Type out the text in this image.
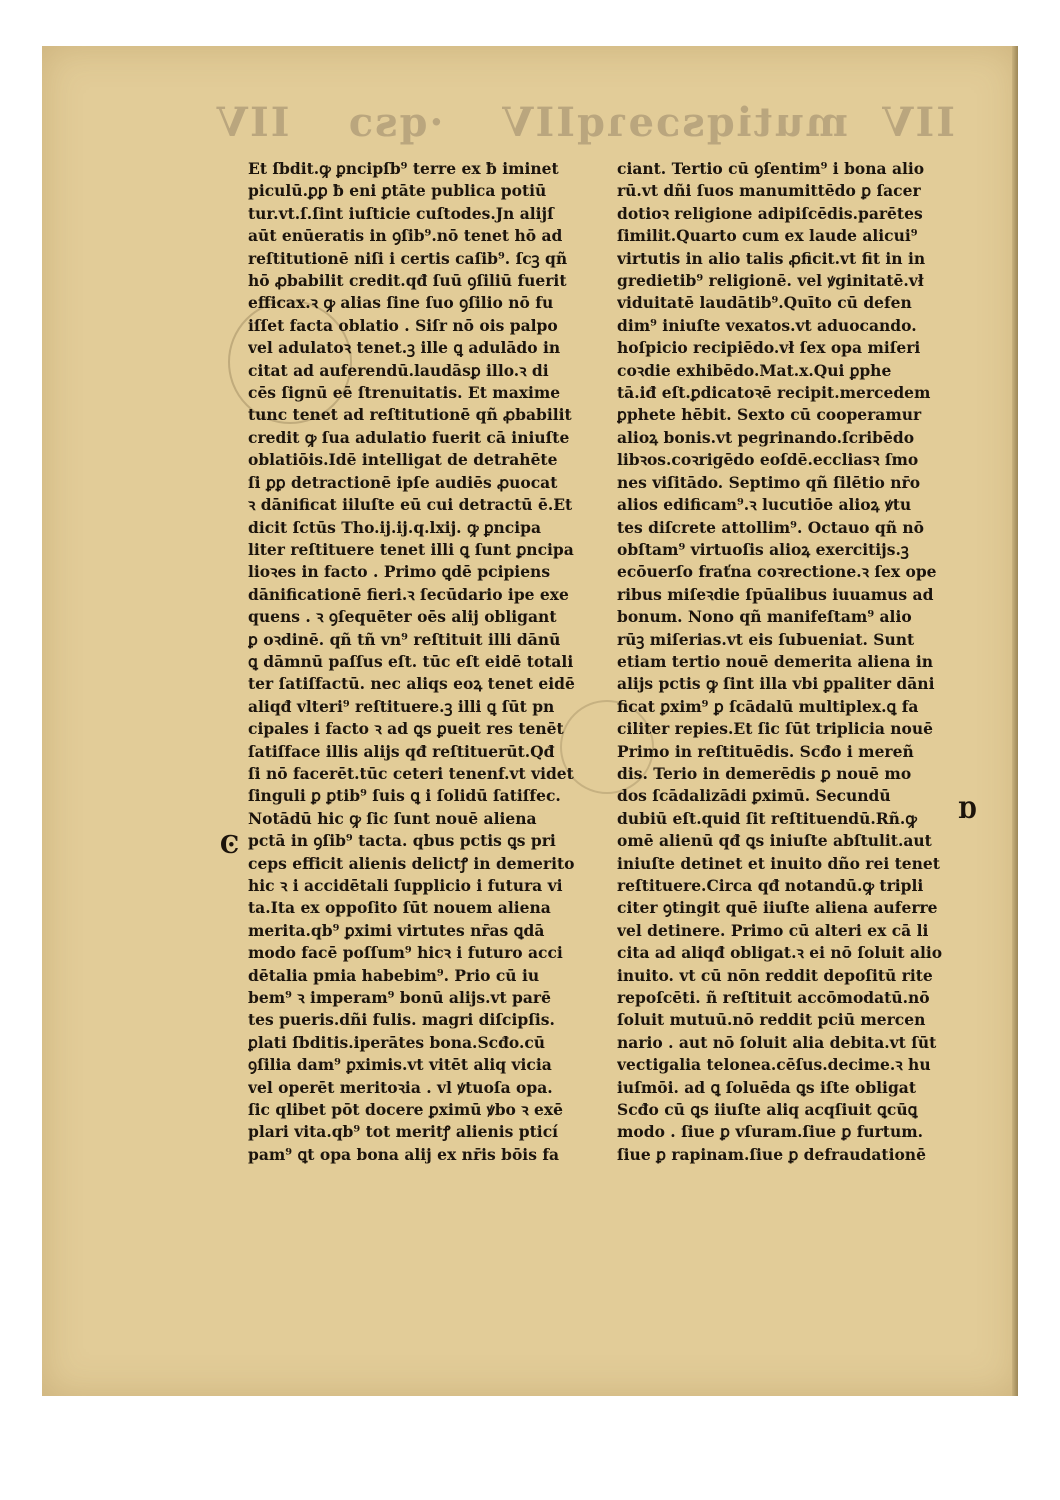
IIV
·qsↄ
IIV	IIV
mutiqsɔɘɿq
Et ſbdit.ꝙ ꝑncipſb⁹ terre ex ƀ iminet
piculū.ꝑꝑ ƀ eni ꝑtāte publica potiū
tur.vt.ſ.ſint iuſticie cuſtodes.Jn alijſ
aūt enūeratis in ꝯſib⁹.nō tenet hō ad
reſtitutionē niſi i certis caſib⁹. ſcꝫ qñ
hō ꝓbabilit credit.qđ ſuū ꝯſiliū fuerit
efficax.ꝛ ꝙ alias ſine ſuo ꝯſilio nō fu
iſſet facta oblatio . Siſr nō ois palpo
vel adulatoꝛ tenet.ꝫ ille ꝗ adulādo in
citat ad auferendū.laudāsꝑ illo.ꝛ di
cēs ſignū eē ſtrenuitatis. Et maxime
tunc tenet ad reſtitutionē qñ ꝓbabilit
credit ꝙ ſua adulatio fuerit cā iniuſte
oblatiōis.Idē intelligat de detrahēte
ſi ꝑꝑ detractionē ipſe audiēs ꝓuocat
ꝛ dānificat iiluſte eū cui detractū ē.Et
dicit ſctūs Tho.ij.ij.q.lxij. ꝙ ꝑncipa
liter reſtituere tenet illi ꝗ ſunt ꝑncipa
lioꝛes in facto . Primo ꝗdē pcipiens
dānificationē fieri.ꝛ ſecūdario ipe exe
quens . ꝛ ꝯſequēter oēs alij obligant
ꝑ oꝛdinē. qñ tñ vn⁹ reſtituit illi dānū
ꝗ dāmnū paſſus eſt. tūc eſt eidē totali
ter ſatiſfactū. nec aliqs eoꝝ tenet eidē
aliqđ vlteri⁹ reſtituere.ꝫ illi ꝗ ſūt pn
cipales i facto ꝛ ad ꝗs ꝑueit res tenēt
ſatiſface illis alijs qđ reſtituerūt.Qđ
ſi nō facerēt.tūc ceteri tenenf.vt videt
ſinguli ꝑ ꝑtib⁹ ſuis ꝗ i ſolidū ſatiſfec.
Notādū hic ꝙ ſic ſunt nouē aliena
pctā in ꝯſib⁹ tacta. qbus pctis ꝗs pri
ceps efficit alienis delictꝭ in demerito
hic ꝛ i accidētali ſupplicio i futura vi
ta.Ita ex oppoſito ſūt nouem aliena
merita.qb⁹ ꝑximi virtutes nr̄as ꝗdā
modo facē poſſum⁹ hicꝛ i futuro acci
dētalia pmia habebim⁹. Prio cū iu
bem⁹ ꝛ imperam⁹ bonū alijs.vt parē
tes pueris.dñi fulis. magri diſcipſis.
ꝑlati ſbditis.iperātes bona.Scđo.cū
ꝯſilia dam⁹ ꝑximis.vt vitēt aliq vicia
vel operēt meritoꝛia . vl ꝟtuoſa opa.
ſic qlibet pōt docere ꝑximū ꝟbo ꝛ exē
plari vita.qb⁹ tot meritꝭ alienis pticí
pam⁹ ꝗt opa bona alij ex nr̄is bōis fa
ciant. Tertio cū ꝯſentim⁹ i bona alio
rū.vt dñi ſuos manumittēdo ꝑ ſacer
dotioꝛ religione adipiſcēdis.parētes
ſimilit.Quarto cum ex laude alicui⁹
virtutis in alio talis ꝓficit.vt fit in in
gredietib⁹ religionē. vel ꝟginitatē.vł
viduitatē laudātib⁹.Quīto cū defen
dim⁹ iniuſte vexatos.vt aduocando.
hoſpicio recipiēdo.vł ſex opa miſeri
coꝛdie exhibēdo.Mat.x.Qui ꝑphe
tā.iđ eſt.ꝑdicatoꝛē recipit.mercedem
ꝑphete hēbit. Sexto cū cooperamur
alioꝝ bonis.vt pegrinando.ſcribēdo
libꝛos.coꝛrigēdo eoſdē.eccliasꝛ ſmo
nes viſitādo. Septimo qñ ſilētio nr̄o
alios edificam⁹.ꝛ lucutiōe alioꝝ ꝟtu
tes diſcrete attollim⁹. Octauo qñ nō
obſtam⁹ virtuoſis alioꝝ exercitijs.ꝫ
ecōuerſo fraťna coꝛrectione.ꝛ ſex ope
ribus miſeꝛdie ſpūalibus iuuamus ad
bonum. Nono qñ manifeſtam⁹ alio
rūꝫ miſerias.vt eis ſubueniat. Sunt
etiam tertio nouē demerita aliena in
alijs pctis ꝙ ſint illa vbi ꝑpaliter dāni
ficat ꝑxim⁹ ꝑ ſcādalū multiplex.ꝗ fa
ciliter repies.Et ſic ſūt triplicia nouē
Primo in reſtituēdis. Scđo i mereñ
dis. Terio in demerēdis ꝑ nouē mo
dos ſcādalizādi ꝑximū. Secundū
dubiū eſt.quid ſit reſtituendū.Rñ.ꝙ
omē alienū qđ ꝗs iniuſte abſtulit.aut
iniuſte detinet et inuito dño rei tenet
reſtituere.Circa qđ notandū.ꝙ tripli
citer ꝯtingit quē iiuſte aliena auferre
vel detinere. Primo cū alteri ex cā li
cita ad aliqđ obligat.ꝛ ei nō ſoluit alio
inuito. vt cū nōn reddit depoſitū rite
repoſcēti. ñ reſtituit accōmodatū.nō
ſoluit mutuū.nō reddit pciū mercen
nario . aut nō ſoluit alia debita.vt ſūt
vectigalia telonea.cēſus.decime.ꝛ hu
iuſmōi. ad ꝗ ſoluēda ꝗs iſte obligat
Scđo cū ꝗs iiuſte aliq acqſiuit ꝗcūꝗ
modo . ſiue ꝑ vſuram.ſiue ꝑ furtum.
ſiue ꝑ rapinam.ſiue ꝑ defraudationē
Ͼ
Ɒ
